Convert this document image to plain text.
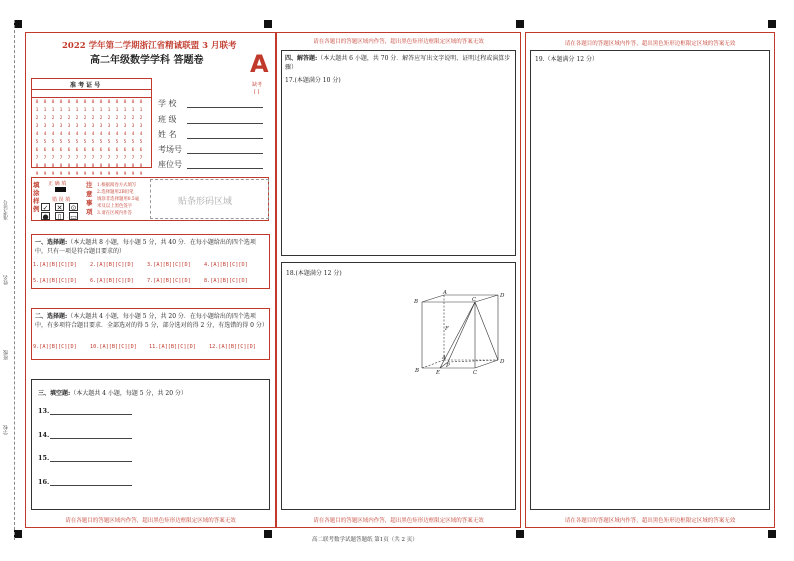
准考证号
姓名
班级
学校
2022 学年第二学期浙江省精诚联盟 3 月联考
高二年级数学学科 答题卷 A
缺考
[ ]
准 考 证 号
0	0	0	0	0	0	0	0	0	0	0	0	0	0
1	1	1	1	1	1	1	1	1	1	1	1	1	1
2	2	2	2	2	2	2	2	2	2	2	2	2	2
3	3	3	3	3	3	3	3	3	3	3	3	3	3
4	4	4	4	4	4	4	4	4	4	4	4	4	4
5	5	5	5	5	5	5	5	5	5	5	5	5	5
6	6	6	6	6	6	6	6	6	6	6	6	6	6
7	7	7	7	7	7	7	7	7	7	7	7	7	7
8	8	8	8	8	8	8	8	8	8	8	8	8	8
9	9	9	9	9	9	9	9	9	9	9	9	9	9
学 校
班 级
姓 名
考场号
座位号
填涂样例
正 确 填
错 误 填
✓ ✕ ⊙
●	▯	▭
注意事项
1.根据阅卷方式填写
2.选择题用2B铅笔
填涂非选择题用0.5毫
米及以上黑色签字
3.请在区域内作答
贴条形码区域
一、选择题:（本大题共 8 小题，每小题 5 分，共 40 分．在每小题给出的四个选项中，只有一项是符合题目要求的）
1.[A][B][C][D]	2.[A][B][C][D]	3.[A][B][C][D]	4.[A][B][C][D]
5.[A][B][C][D]	6.[A][B][C][D]	7.[A][B][C][D]	8.[A][B][C][D]
二、选择题:（本大题共 4 小题，每小题 5 分，共 20 分．在每小题给出的四个选项中，有多项符合题目要求．全部选对的得 5 分，部分选对的得 2 分，有选错的得 0 分）
9.[A][B][C][D]	10.[A][B][C][D] 11.[A][B][C][D]	12.[A][B][C][D]
三、填空题:（本大题共 4 小题，每题 5 分，共 20 分）
13.
14.
15.
16.
请在各题目的答题区域内作答，超出黑色矩形边框限定区域的答案无效
请在各题目的答题区域内作答，超出黑色矩形边框限定区域的答案无效
四、解答题:（本大题共 6 小题，共 70 分．解答应写出文字说明、证明过程或演算步骤）
17.(本题满分 10 分)
18.(本题满分 12 分)
B
A	D
C
B	E
P
C
D
A
F
请在各题目的答题区域内作答，超出黑色矩形边框限定区域的答案无效
请在各题目的答题区域内作答，超出黑色矩形边框限定区域的答案无效
19.（本题满分 12 分）
请在各题目的答题区域内作答，超出黑色矩形边框限定区域的答案无效
高二联考数学试题答题纸 第1页（共 2 页）
